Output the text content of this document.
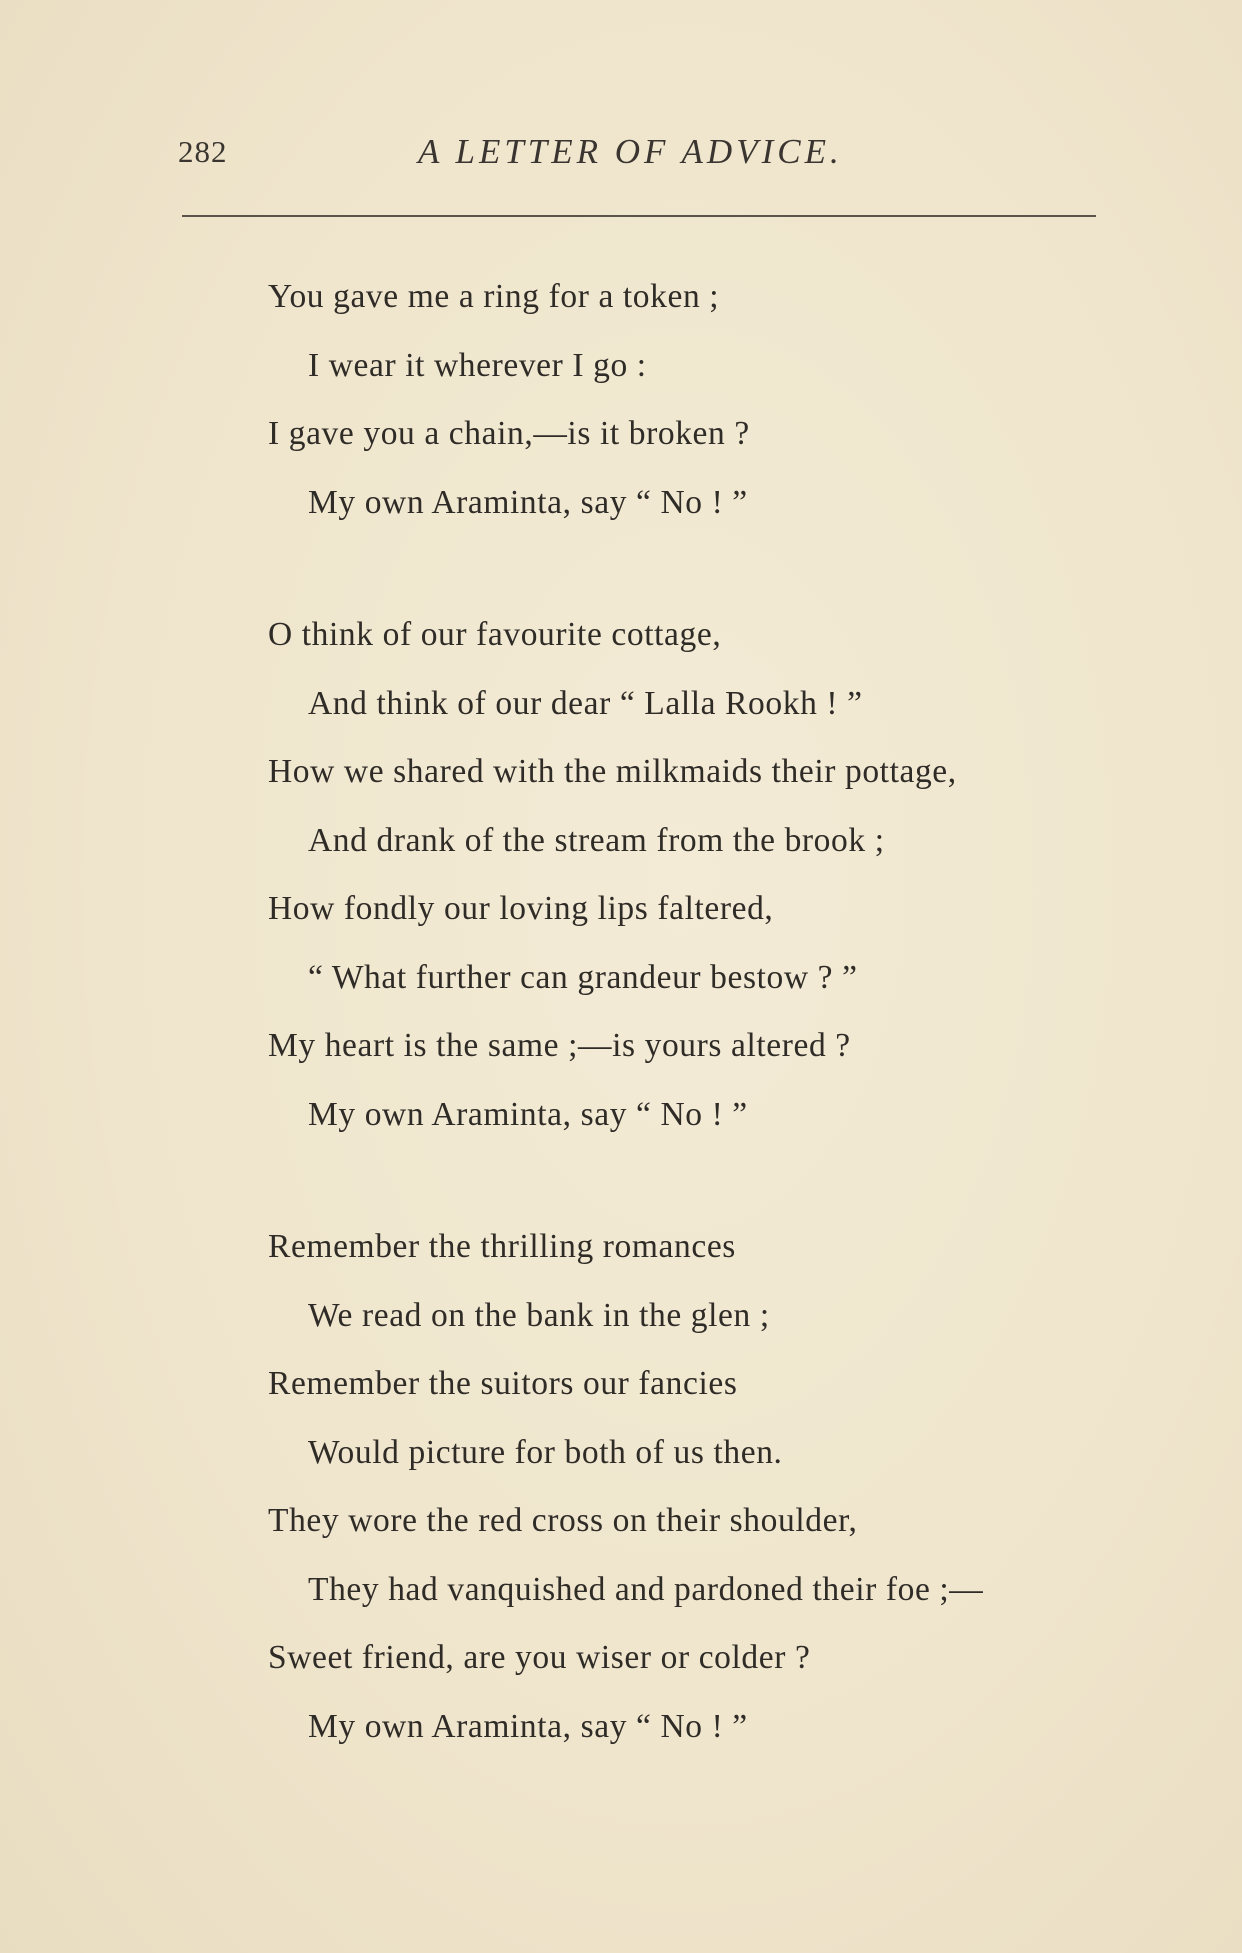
282	A LETTER OF ADVICE.
You gave me a ring for a token ;
I wear it wherever I go :
I gave you a chain,—is it broken ?
My own Araminta, say “ No ! ”
O think of our favourite cottage,
And think of our dear “ Lalla Rookh ! ”
How we shared with the milkmaids their pottage,
And drank of the stream from the brook ;
How fondly our loving lips faltered,
“ What further can grandeur bestow ? ”
My heart is the same ;—is yours altered ?
My own Araminta, say “ No ! ”
Remember the thrilling romances
We read on the bank in the glen ;
Remember the suitors our fancies
Would picture for both of us then.
They wore the red cross on their shoulder,
They had vanquished and pardoned their foe ;—
Sweet friend, are you wiser or colder ?
My own Araminta, say “ No ! ”
